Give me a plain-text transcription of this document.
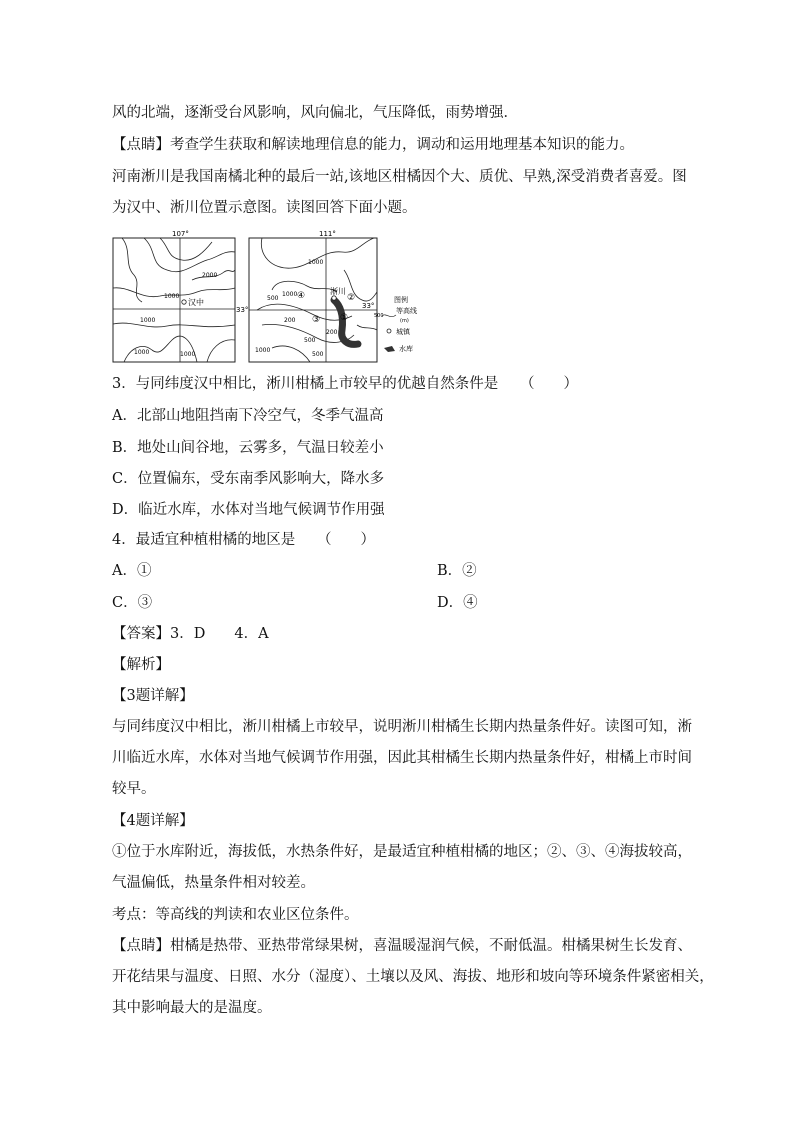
风的北端，逐渐受台风影响，风向偏北，气压降低，雨势增强．
【点睛】考查学生获取和解读地理信息的能力，调动和运用地理基本知识的能力。
河南淅川是我国南橘北种的最后一站,该地区柑橘因个大、质优、早熟,深受消费者喜爱。图
为汉中、淅川位置示意图。读图回答下面小题。
107°
33°
汉中
2000
1000
1000
1000	1000
111°
33°
淅川
1000
1000
500
200
500
1000
500
200
①
②
③
④	图例
500
等高线
(m)
城镇
水库
3．与同纬度汉中相比，淅川柑橘上市较早的优越自然条件是　　（　　）
A．北部山地阻挡南下冷空气，冬季气温高
B．地处山间谷地，云雾多，气温日较差小
C．位置偏东，受东南季风影响大，降水多
D．临近水库，水体对当地气候调节作用强
4．最适宜种植柑橘的地区是　　（　　）
A．①	B．②
C．③	D．④
【答案】3．D　　4．A
【解析】
【3题详解】
与同纬度汉中相比，淅川柑橘上市较早，说明淅川柑橘生长期内热量条件好。读图可知，淅
川临近水库，水体对当地气候调节作用强，因此其柑橘生长期内热量条件好，柑橘上市时间
较早。
【4题详解】
①位于水库附近，海拔低，水热条件好，是最适宜种植柑橘的地区；②、③、④海拔较高，
气温偏低，热量条件相对较差。
考点：等高线的判读和农业区位条件。
【点睛】柑橘是热带、亚热带常绿果树，喜温暖湿润气候，不耐低温。柑橘果树生长发育、
开花结果与温度、日照、水分（湿度）、土壤以及风、海拔、地形和坡向等环境条件紧密相关，
其中影响最大的是温度。
